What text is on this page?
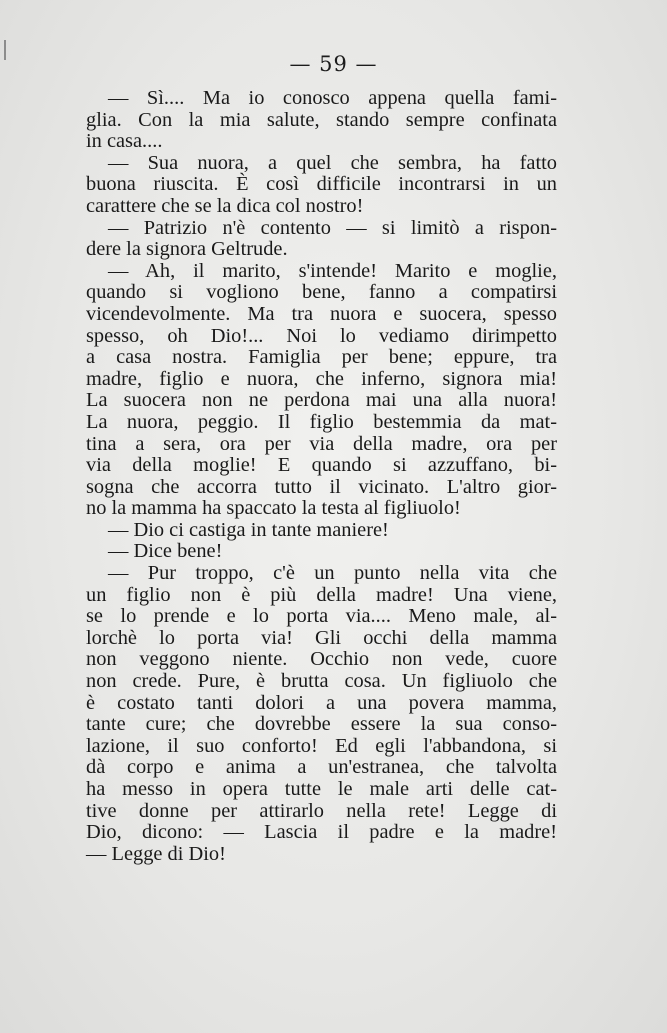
— 59 —
— Sì.... Ma io conosco appena quella fami-
glia. Con la mia salute, stando sempre confinata
in casa....
— Sua nuora, a quel che sembra, ha fatto
buona riuscita. È così difficile incontrarsi in un
carattere che se la dica col nostro!
— Patrizio n'è contento — si limitò a rispon-
dere la signora Geltrude.
— Ah, il marito, s'intende! Marito e moglie,
quando si vogliono bene, fanno a compatirsi
vicendevolmente. Ma tra nuora e suocera, spesso
spesso, oh Dio!... Noi lo vediamo dirimpetto
a casa nostra. Famiglia per bene; eppure, tra
madre, figlio e nuora, che inferno, signora mia!
La suocera non ne perdona mai una alla nuora!
La nuora, peggio. Il figlio bestemmia da mat-
tina a sera, ora per via della madre, ora per
via della moglie! E quando si azzuffano, bi-
sogna che accorra tutto il vicinato. L'altro gior-
no la mamma ha spaccato la testa al figliuolo!
— Dio ci castiga in tante maniere!
— Dice bene!
— Pur troppo, c'è un punto nella vita che
un figlio non è più della madre! Una viene,
se lo prende e lo porta via.... Meno male, al-
lorchè lo porta via! Gli occhi della mamma
non veggono niente. Occhio non vede, cuore
non crede. Pure, è brutta cosa. Un figliuolo che
è costato tanti dolori a una povera mamma,
tante cure; che dovrebbe essere la sua conso-
lazione, il suo conforto! Ed egli l'abbandona, si
dà corpo e anima a un'estranea, che talvolta
ha messo in opera tutte le male arti delle cat-
tive donne per attirarlo nella rete! Legge di
Dio, dicono: — Lascia il padre e la madre!
— Legge di Dio!
